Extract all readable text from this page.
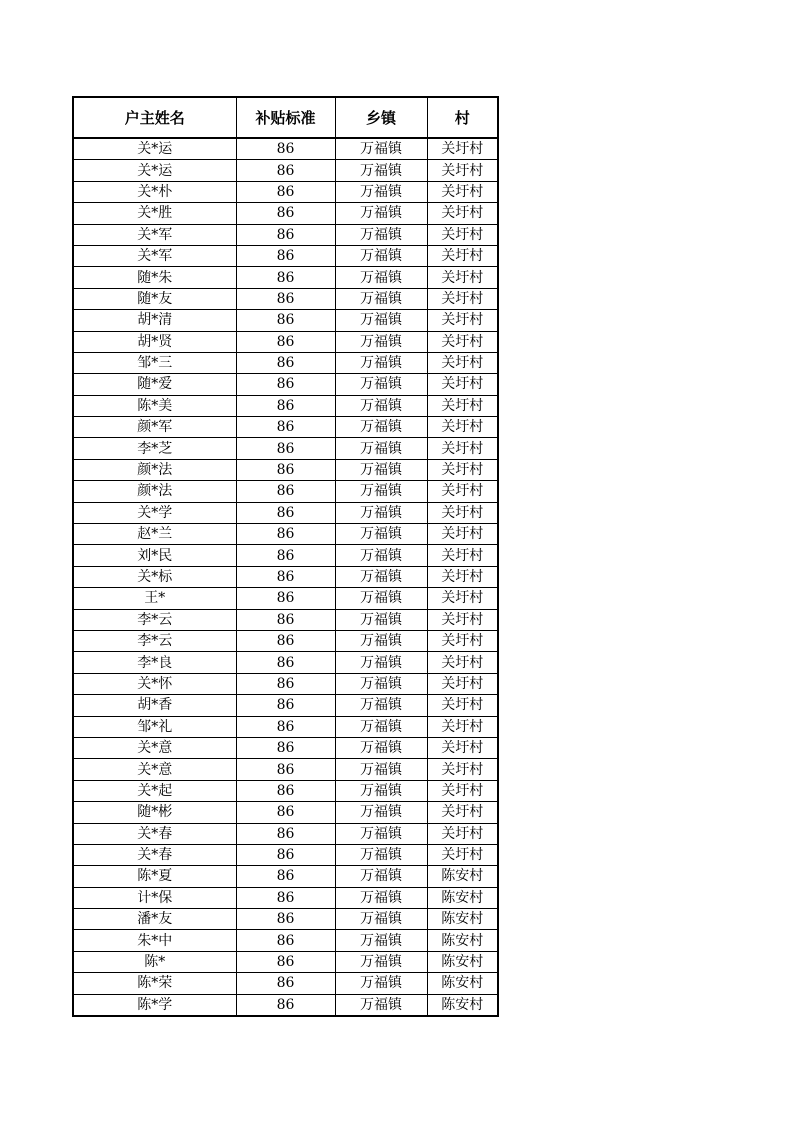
户主姓名	补贴标准	乡镇	村
关*运	86	万福镇	关圩村
关*运	86	万福镇	关圩村
关*朴	86	万福镇	关圩村
关*胜	86	万福镇	关圩村
关*军	86	万福镇	关圩村
关*军	86	万福镇	关圩村
随*朱	86	万福镇	关圩村
随*友	86	万福镇	关圩村
胡*清	86	万福镇	关圩村
胡*贤	86	万福镇	关圩村
邹*三	86	万福镇	关圩村
随*爱	86	万福镇	关圩村
陈*美	86	万福镇	关圩村
颜*军	86	万福镇	关圩村
李*芝	86	万福镇	关圩村
颜*法	86	万福镇	关圩村
颜*法	86	万福镇	关圩村
关*学	86	万福镇	关圩村
赵*兰	86	万福镇	关圩村
刘*民	86	万福镇	关圩村
关*标	86	万福镇	关圩村
王*	86	万福镇	关圩村
李*云	86	万福镇	关圩村
李*云	86	万福镇	关圩村
李*良	86	万福镇	关圩村
关*怀	86	万福镇	关圩村
胡*香	86	万福镇	关圩村
邹*礼	86	万福镇	关圩村
关*意	86	万福镇	关圩村
关*意	86	万福镇	关圩村
关*起	86	万福镇	关圩村
随*彬	86	万福镇	关圩村
关*春	86	万福镇	关圩村
关*春	86	万福镇	关圩村
陈*夏	86	万福镇	陈安村
计*保	86	万福镇	陈安村
潘*友	86	万福镇	陈安村
朱*中	86	万福镇	陈安村
陈*	86	万福镇	陈安村
陈*荣	86	万福镇	陈安村
陈*学	86	万福镇	陈安村
